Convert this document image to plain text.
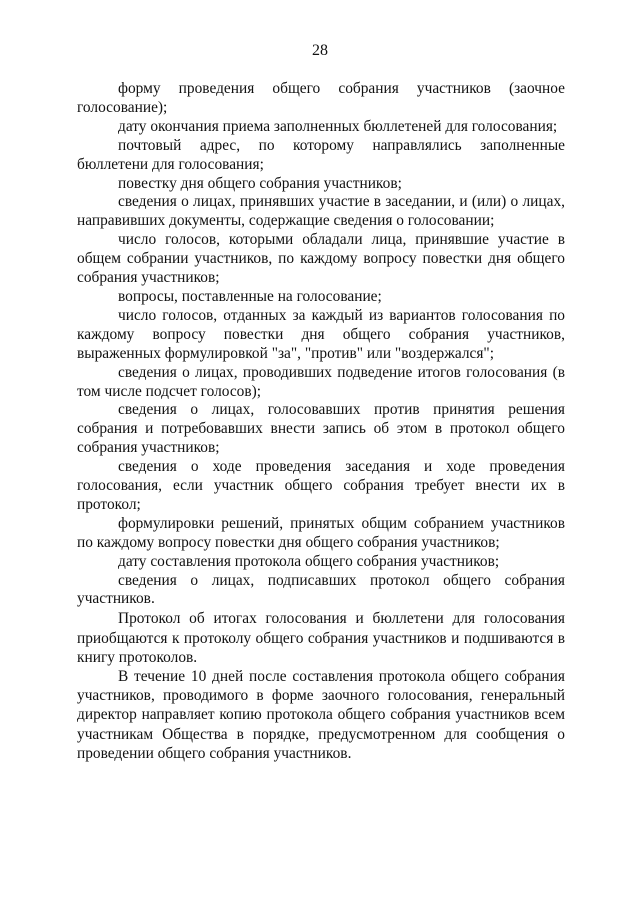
28

форму проведения общего собрания участников (заочное голосование);

дату окончания приема заполненных бюллетеней для голосования;

почтовый адрес, по которому направлялись заполненные бюллетени для голосования;

повестку дня общего собрания участников;

сведения о лицах, принявших участие в заседании, и (или) о лицах, направивших документы, содержащие сведения о голосовании;

число голосов, которыми обладали лица, принявшие участие в общем собрании участников, по каждому вопросу повестки дня общего собрания участников;

вопросы, поставленные на голосование;

число голосов, отданных за каждый из вариантов голосования по каждому вопросу повестки дня общего собрания участников, выраженных формулировкой "за", "против" или "воздержался";

сведения о лицах, проводивших подведение итогов голосования (в том числе подсчет голосов);

сведения о лицах, голосовавших против принятия решения собрания и потребовавших внести запись об этом в протокол общего собрания участников;

сведения о ходе проведения заседания и ходе проведения голосования, если участник общего собрания требует внести их в протокол;

формулировки решений, принятых общим собранием участников по каждому вопросу повестки дня общего собрания участников;

дату составления протокола общего собрания участников;

сведения о лицах, подписавших протокол общего собрания участников.

Протокол об итогах голосования и бюллетени для голосования приобщаются к протоколу общего собрания участников и подшиваются в книгу протоколов.

В течение 10 дней после составления протокола общего собрания участников, проводимого в форме заочного голосования, генеральный директор направляет копию протокола общего собрания участников всем участникам Общества в порядке, предусмотренном для сообщения о проведении общего собрания участников.
